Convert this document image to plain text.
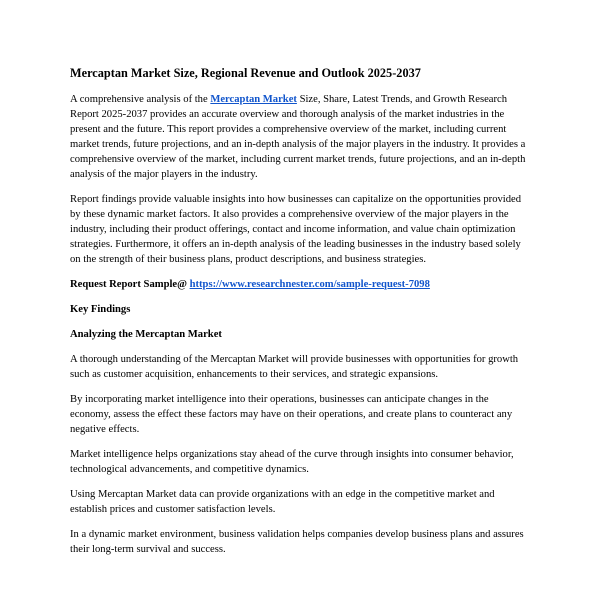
Mercaptan Market Size, Regional Revenue and Outlook 2025-2037

A comprehensive analysis of the Mercaptan Market Size, Share, Latest Trends, and Growth Research Report 2025-2037 provides an accurate overview and thorough analysis of the market industries in the present and the future. This report provides a comprehensive overview of the market, including current market trends, future projections, and an in-depth analysis of the major players in the industry. It provides a comprehensive overview of the market, including current market trends, future projections, and an in-depth analysis of the major players in the industry.

Report findings provide valuable insights into how businesses can capitalize on the opportunities provided by these dynamic market factors. It also provides a comprehensive overview of the major players in the industry, including their product offerings, contact and income information, and value chain optimization strategies. Furthermore, it offers an in-depth analysis of the leading businesses in the industry based solely on the strength of their business plans, product descriptions, and business strategies.

Request Report Sample@ https://www.researchnester.com/sample-request-7098

Key Findings

Analyzing the Mercaptan Market

A thorough understanding of the Mercaptan Market will provide businesses with opportunities for growth such as customer acquisition, enhancements to their services, and strategic expansions.

By incorporating market intelligence into their operations, businesses can anticipate changes in the economy, assess the effect these factors may have on their operations, and create plans to counteract any negative effects.

Market intelligence helps organizations stay ahead of the curve through insights into consumer behavior, technological advancements, and competitive dynamics.

Using Mercaptan Market data can provide organizations with an edge in the competitive market and establish prices and customer satisfaction levels.

In a dynamic market environment, business validation helps companies develop business plans and assures their long-term survival and success.
